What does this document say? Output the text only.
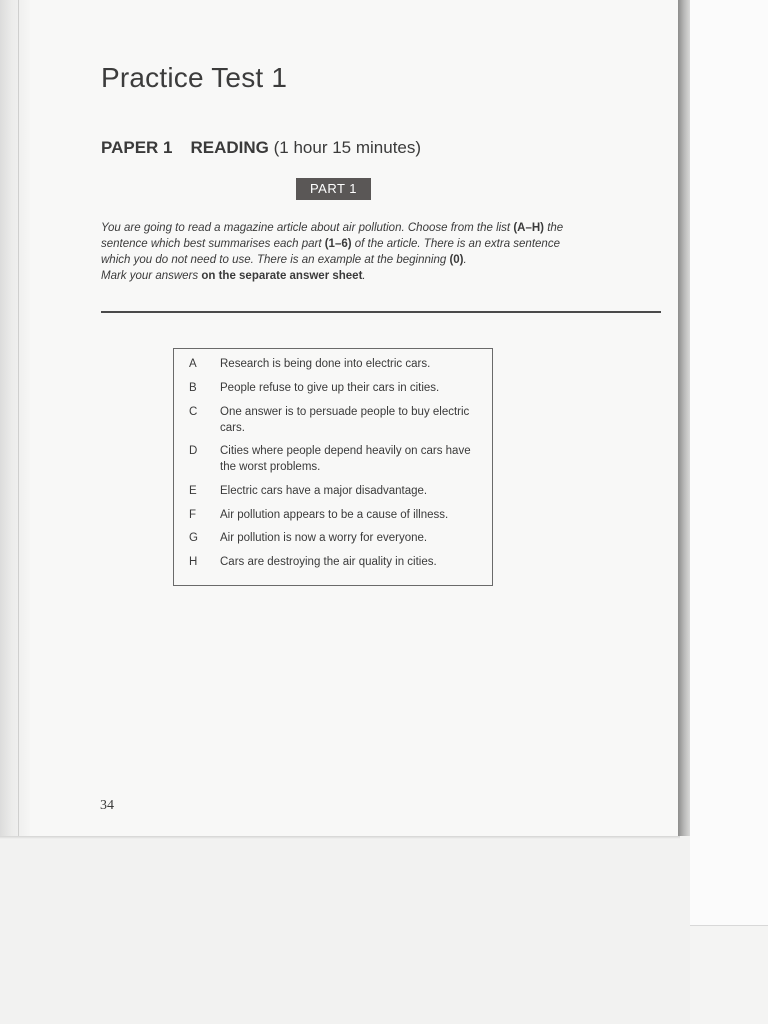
Practice Test 1
PAPER 1 READING (1 hour 15 minutes)
PART 1
You are going to read a magazine article about air pollution. Choose from the list (A–H) the sentence which best summarises each part (1–6) of the article. There is an extra sentence which you do not need to use. There is an example at the beginning (0).
Mark your answers on the separate answer sheet.
A	Research is being done into electric cars.
B	People refuse to give up their cars in cities.
C	One answer is to persuade people to buy electric cars.
D	Cities where people depend heavily on cars have the worst problems.
E	Electric cars have a major disadvantage.
F	Air pollution appears to be a cause of illness.
G	Air pollution is now a worry for everyone.
H	Cars are destroying the air quality in cities.
34
